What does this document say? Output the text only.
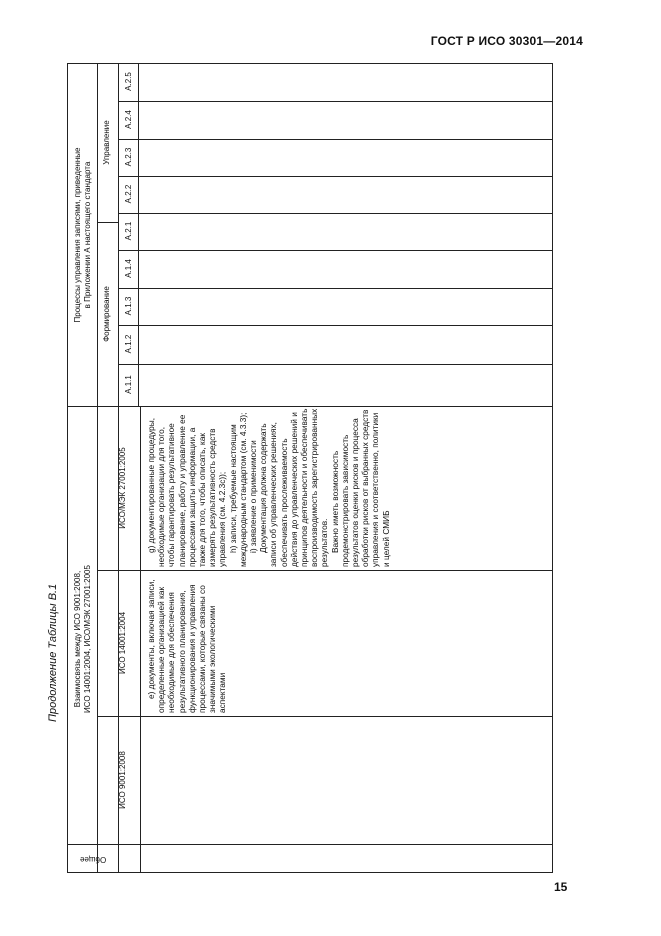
ГОСТ Р ИСО 30301—2014
15
Продолжение Таблицы В.1 Взаимосвязь между ИСО 9001:2008,
ИСО 14001:2004, ИСО/МЭК 27001:2005
Формирование
Управление
ИСО/МЭК 27001:2005
ИСО 14001:2004
ИСО 9001:2008
A.1.1
A.1.2
A.1.3
A.1.4
A.2.1
A.2.2
A.2.3
A.2.4
A.2.5

е) документы, включая записи, определенные организацией как необходимые для обеспечения результативного планирования, функционирования и управления процессами, которые связаны со значимыми экологическими аспектами

g) документированные процедуры, необходимые организации для того, чтобы гарантировать результативное планирование, работу и управление ее процессами защиты информации, а также для того, чтобы описать, как измерять результативность средств управления (см. 4.2.3с)); h) записи, требуемые настоящим международным стандартом (см. 4.3.3); i) заявление о применимости Документация должна содержать записи об управленческих решениях, обеспечивать прослеживаемость действия до управленческих решений и принципов деятельности и обеспечивать воспроизводимость зарегистрированных результатов. Важно иметь возможность продемонстрировать зависимость результатов оценки рисков и процесса обработки рисков от выбранных средств управления и соответственно, политики и целей СМИБ

Общее
Процессы управления записями, приведенные
в Приложении А настоящего стандарта
